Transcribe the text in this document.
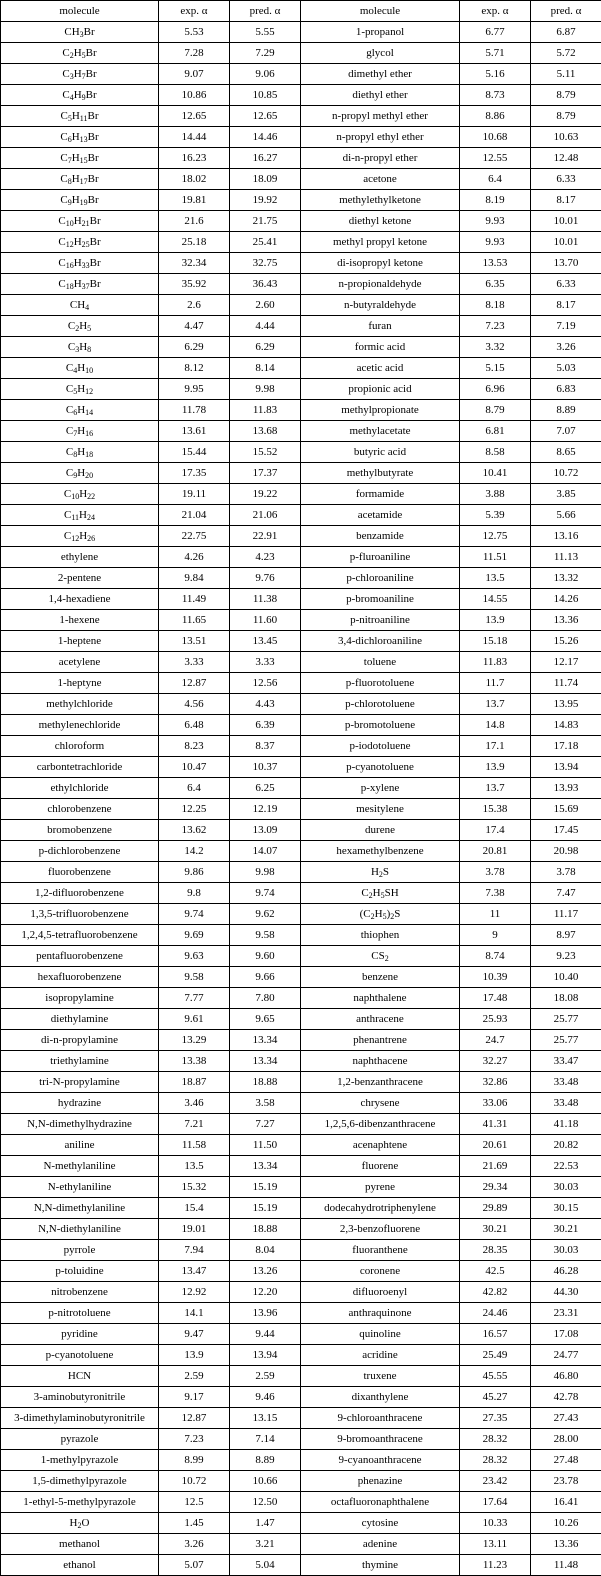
molecule	exp. α	pred. α	molecule	exp. α	pred. α
$CH_3Br$	5.53	5.55	1-propanol	6.77	6.87
$C_2H_5Br$	7.28	7.29	glycol	5.71	5.72
$C_3H_7Br$	9.07	9.06	dimethyl ether	5.16	5.11
$C_4H_9Br$	10.86	10.85	diethyl ether	8.73	8.79
$C_5H_{11}Br$	12.65	12.65	n-propyl methyl ether	8.86	8.79
$C_6H_{13}Br$	14.44	14.46	n-propyl ethyl ether	10.68	10.63
$C_7H_{15}Br$	16.23	16.27	di-n-propyl ether	12.55	12.48
$C_8H_{17}Br$	18.02	18.09	acetone	6.4	6.33
$C_9H_{19}Br$	19.81	19.92	methylethylketone	8.19	8.17
$C_{10}H_{21}Br$	21.6	21.75	diethyl ketone	9.93	10.01
$C_{12}H_{25}Br$	25.18	25.41	methyl propyl ketone	9.93	10.01
$C_{16}H_{33}Br$	32.34	32.75	di-isopropyl ketone	13.53	13.70
$C_{18}H_{37}Br$	35.92	36.43	n-propionaldehyde	6.35	6.33
$CH_4$	2.6	2.60	n-butyraldehyde	8.18	8.17
$C_2H_5$	4.47	4.44	furan	7.23	7.19
$C_3H_8$	6.29	6.29	formic acid	3.32	3.26
$C_4H_{10}$	8.12	8.14	acetic acid	5.15	5.03
$C_5H_{12}$	9.95	9.98	propionic acid	6.96	6.83
$C_6H_{14}$	11.78	11.83	methylpropionate	8.79	8.89
$C_7H_{16}$	13.61	13.68	methylacetate	6.81	7.07
$C_8H_{18}$	15.44	15.52	butyric acid	8.58	8.65
$C_9H_{20}$	17.35	17.37	methylbutyrate	10.41	10.72
$C_{10}H_{22}$	19.11	19.22	formamide	3.88	3.85
$C_{11}H_{24}$	21.04	21.06	acetamide	5.39	5.66
$C_{12}H_{26}$	22.75	22.91	benzamide	12.75	13.16
ethylene	4.26	4.23	p-fluroaniline	11.51	11.13
2-pentene	9.84	9.76	p-chloroaniline	13.5	13.32
1,4-hexadiene	11.49	11.38	p-bromoaniline	14.55	14.26
1-hexene	11.65	11.60	p-nitroaniline	13.9	13.36
1-heptene	13.51	13.45	3,4-dichloroaniline	15.18	15.26
acetylene	3.33	3.33	toluene	11.83	12.17
1-heptyne	12.87	12.56	p-fluorotoluene	11.7	11.74
methylchloride	4.56	4.43	p-chlorotoluene	13.7	13.95
methylenechloride	6.48	6.39	p-bromotoluene	14.8	14.83
chloroform	8.23	8.37	p-iodotoluene	17.1	17.18
carbontetrachloride	10.47	10.37	p-cyanotoluene	13.9	13.94
ethylchloride	6.4	6.25	p-xylene	13.7	13.93
chlorobenzene	12.25	12.19	mesitylene	15.38	15.69
bromobenzene	13.62	13.09	durene	17.4	17.45
p-dichlorobenzene	14.2	14.07	hexamethylbenzene	20.81	20.98
fluorobenzene	9.86	9.98	$H_2S$	3.78	3.78
1,2-difluorobenzene	9.8	9.74	$C_2H_5SH$	7.38	7.47
1,3,5-trifluorobenzene	9.74	9.62	$(C_2H_5)_2S$	11	11.17
1,2,4,5-tetrafluorobenzene	9.69	9.58	thiophen	9	8.97
pentafluorobenzene	9.63	9.60	$CS_2$	8.74	9.23
hexafluorobenzene	9.58	9.66	benzene	10.39	10.40
isopropylamine	7.77	7.80	naphthalene	17.48	18.08
diethylamine	9.61	9.65	anthracene	25.93	25.77
di-n-propylamine	13.29	13.34	phenantrene	24.7	25.77
triethylamine	13.38	13.34	naphthacene	32.27	33.47
tri-N-propylamine	18.87	18.88	1,2-benzanthracene	32.86	33.48
hydrazine	3.46	3.58	chrysene	33.06	33.48
N,N-dimethylhydrazine	7.21	7.27	1,2,5,6-dibenzanthracene	41.31	41.18
aniline	11.58	11.50	acenaphtene	20.61	20.82
N-methylaniline	13.5	13.34	fluorene	21.69	22.53
N-ethylaniline	15.32	15.19	pyrene	29.34	30.03
N,N-dimethylaniline	15.4	15.19	dodecahydrotriphenylene	29.89	30.15
N,N-diethylaniline	19.01	18.88	2,3-benzofluorene	30.21	30.21
pyrrole	7.94	8.04	fluoranthene	28.35	30.03
p-toluidine	13.47	13.26	coronene	42.5	46.28
nitrobenzene	12.92	12.20	difluoroenyl	42.82	44.30
p-nitrotoluene	14.1	13.96	anthraquinone	24.46	23.31
pyridine	9.47	9.44	quinoline	16.57	17.08
p-cyanotoluene	13.9	13.94	acridine	25.49	24.77
HCN	2.59	2.59	truxene	45.55	46.80
3-aminobutyronitrile	9.17	9.46	dixanthylene	45.27	42.78
3-dimethylaminobutyronitrile	12.87	13.15	9-chloroanthracene	27.35	27.43
pyrazole	7.23	7.14	9-bromoanthracene	28.32	28.00
1-methylpyrazole	8.99	8.89	9-cyanoanthracene	28.32	27.48
1,5-dimethylpyrazole	10.72	10.66	phenazine	23.42	23.78
1-ethyl-5-methylpyrazole	12.5	12.50	octafluoronaphthalene	17.64	16.41
$H_2O$	1.45	1.47	cytosine	10.33	10.26
methanol	3.26	3.21	adenine	13.11	13.36
ethanol	5.07	5.04	thymine	11.23	11.48
